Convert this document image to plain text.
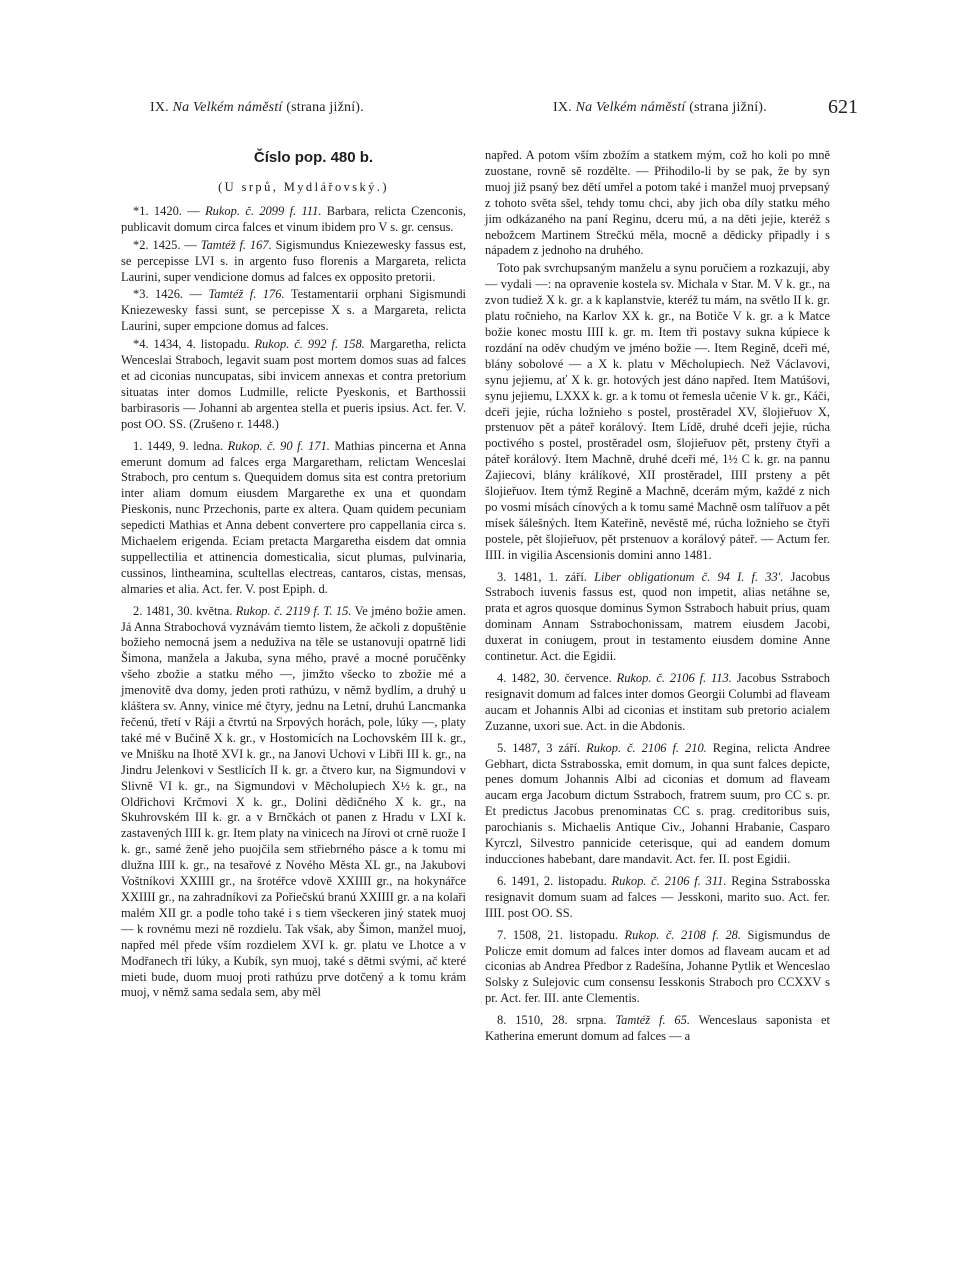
IX. Na Velkém náměstí (strana jižní).	IX. Na Velkém náměstí (strana jižní).	621
Číslo pop. 480 b.
(U srpů, Mydlářovský.)

*1. 1420. — Rukop. č. 2099 f. 111. Barbara, relicta Czenconis, publicavit domum circa falces et vinum ibidem pro V s. gr. census.

*2. 1425. — Tamtéž f. 167. Sigismundus Kniezewesky fassus est, se percepisse LVI s. in argento fuso florenis a Margareta, relicta Laurini, super vendicione domus ad falces ex opposito pretorii.

*3. 1426. — Tamtéž f. 176. Testamentarii orphani Sigismundi Kniezewesky fassi sunt, se percepisse X s. a Margareta, relicta Laurini, super empcione domus ad falces.

*4. 1434, 4. listopadu. Rukop. č. 992 f. 158. Margaretha, relicta Wenceslai Straboch, legavit suam post mortem domos suas ad falces et ad ciconias nuncupatas, sibi invicem annexas et contra pretorium situatas inter domos Ludmille, relicte Pyeskonis, et Barthossii barbirasoris — Johanni ab argentea stella et pueris ipsius. Act. fer. V. post OO. SS. (Zrušeno r. 1448.)

1. 1449, 9. ledna. Rukop. č. 90 f. 171. Mathias pincerna et Anna emerunt domum ad falces erga Margaretham, relictam Wenceslai Straboch, pro centum s. Quequidem domus sita est contra pretorium inter aliam domum eiusdem Margarethe ex una et quondam Pieskonis, nunc Przechonis, parte ex altera. Quam quidem pecuniam sepedicti Mathias et Anna debent convertere pro cappellania circa s. Michaelem erigenda. Eciam pretacta Margaretha eisdem dat omnia suppellectilia et attinencia domesticalia, sicut plumas, pulvinaria, cussinos, lintheamina, scultellas electreas, cantaros, cistas, mensas, almaries et alia. Act. fer. V. post Epiph. d.

2. 1481, 30. května. Rukop. č. 2119 f. T. 15. Ve jméno božie amen. Já Anna Strabochová vyznávám tiemto listem, že ačkoli z dopuštěnie božieho nemocná jsem a neduživa na těle se ustanovuji opatrně lidi Šimona, manžela a Jakuba, syna mého, pravé a mocné poručěnky všeho zbožie a statku mého —, jimžto všecko to zbožie mé a jmenovitě dva domy, jeden proti rathúzu, v němž bydlím, a druhý u kláštera sv. Anny, vinice mé čtyry, jednu na Letní, druhú Lancmanka řečenú, třetí v Ráji a čtvrtú na Srpových horách, pole, lúky —, platy také mé v Bučině X k. gr., v Hostomicích na Lochovském III k. gr., ve Mnišku na Ihotě XVI k. gr., na Janovi Uchovi v Libři III k. gr., na Jindru Jelenkovi v Sestlicích II k. gr. a čtvero kur, na Sigmundovi v Slivně VI k. gr., na Sigmundovi v Měcholupiech X½ k. gr., na Oldřichovi Krčmovi X k. gr., Dolini dědičného X k. gr., na Skuhrovském III k. gr. a v Brnčkách ot panen z Hradu v LXI k. zastavených IIII k. gr. Item platy na vinicech na Jírovi ot crně ruože I k. gr., samé ženě jeho puojčila sem střiebrného pásce a k tomu mi dlužna IIII k. gr., na tesařové z Nového Města XL gr., na Jakubovi Voštníkovi XXIIII gr., na šrotéřce vdově XXIIII gr., na hokynářce XXIIII gr., na zahradníkovi za Pořiečskú branú XXIIII gr. a na kolaři malém XII gr. a podle toho také i s tiem všeckeren jiný statek muoj — k rovnému mezi ně rozdielu. Tak však, aby Šimon, manžel muoj, napřed mél přede vším rozdielem XVI k. gr. platu ve Lhotce a v Modřanech tři lúky, a Kubík, syn muoj, také s dětmi svými, ač které mieti bude, duom muoj proti rathúzu prve dotčený a k tomu krám muoj, v němž sama sedala sem, aby měl

napřed. A potom vším zbožím a statkem mým, což ho koli po mně zuostane, rovně sě rozdělte. — Přihodilo-li by se pak, že by syn muoj již psaný bez dětí umřel a potom také i manžel muoj prvepsaný z tohoto světa sšel, tehdy tomu chci, aby jich oba díly statku mého jim odkázaného na paní Reginu, dceru mú, a na děti jejie, kteréž s nebožcem Martinem Strečkú měla, mocně a dědicky připadly i s nápadem z jednoho na druhého.

Toto pak svrchupsaným manželu a synu poručiem a rozkazuji, aby — vydali —: na opravenie kostela sv. Michala v Star. M. V k. gr., na zvon tudiež X k. gr. a k kaplanstvie, kteréž tu mám, na světlo II k. gr. platu ročnieho, na Karlov XX k. gr., na Botiče V k. gr. a k Matce božie konec mostu IIII k. gr. m. Item tři postavy sukna kúpiece k rozdání na oděv chudým ve jméno božie —. Item Regině, dceři mé, blány sobolové — a X k. platu v Měcholupiech. Než Václavovi, synu jejiemu, ať X k. gr. hotových jest dáno napřed. Item Matúšovi, synu jejiemu, LXXX k. gr. a k tomu ot řemesla učenie V k. gr., Káči, dceři jejie, rúcha ložnieho s postel, prostěradel XV, šlojieřuov X, prstenuov pět a páteř korálový. Item Lídě, druhé dceři jejie, rúcha poctivého s postel, prostěradel osm, šlojieřuov pět, prsteny čtyři a páteř korálový. Item Machně, druhé dceři mé, 1½ C k. gr. na pannu Zajiecovi, blány králíkové, XII prostěradel, IIII prsteny a pět šlojieřuov. Item týmž Regině a Machně, dcerám mým, každé z nich po vosmi mísách cínových a k tomu samé Machně osm talířuov a pět mísek šálešných. Item Kateřině, nevěstě mé, rúcha ložnieho se čtyři postele, pět šlojieřuov, pět prstenuov a korálový páteř. — Actum fer. IIII. in vigilia Ascensionis domini anno 1481.

3. 1481, 1. září. Liber obligationum č. 94 I. f. 33'. Jacobus Sstraboch iuvenis fassus est, quod non impetit, alias netáhne se, prata et agros quosque dominus Symon Sstraboch habuit prius, quam dominam Annam Sstrabochonissam, matrem eiusdem Jacobi, duxerat in coniugem, prout in testamento eiusdem domine Anne continetur. Act. die Egidii.

4. 1482, 30. července. Rukop. č. 2106 f. 113. Jacobus Sstraboch resignavit domum ad falces inter domos Georgii Columbi ad flaveam aucam et Johannis Albi ad ciconias et institam sub pretorio acialem Zuzanne, uxori sue. Act. in die Abdonis.

5. 1487, 3 září. Rukop. č. 2106 f. 210. Regina, relicta Andree Gebhart, dicta Sstrabosska, emit domum, in qua sunt falces depicte, penes domum Johannis Albi ad ciconias et domum ad flaveam aucam erga Jacobum dictum Sstraboch, fratrem suum, pro CC s. pr. Et predictus Jacobus prenominatas CC s. prag. creditoribus suis, parochianis s. Michaelis Antique Civ., Johanni Hrabanie, Casparo Kyrczl, Silvestro pannicide ceterisque, qui ad eandem domum inducciones habebant, dare mandavit. Act. fer. II. post Egidii.

6. 1491, 2. listopadu. Rukop. č. 2106 f. 311. Regina Sstrabosska resignavit domum suam ad falces — Jesskoni, marito suo. Act. fer. IIII. post OO. SS.

7. 1508, 21. listopadu. Rukop. č. 2108 f. 28. Sigismundus de Policze emit domum ad falces inter domos ad flaveam aucam et ad ciconias ab Andrea Předbor z Radešína, Johanne Pytlik et Wenceslao Solsky z Sulejovic cum consensu Iesskonis Straboch pro CCXXV s pr. Act. fer. III. ante Clementis.

8. 1510, 28. srpna. Tamtéž f. 65. Wenceslaus saponista et Katherina emerunt domum ad falces — a
